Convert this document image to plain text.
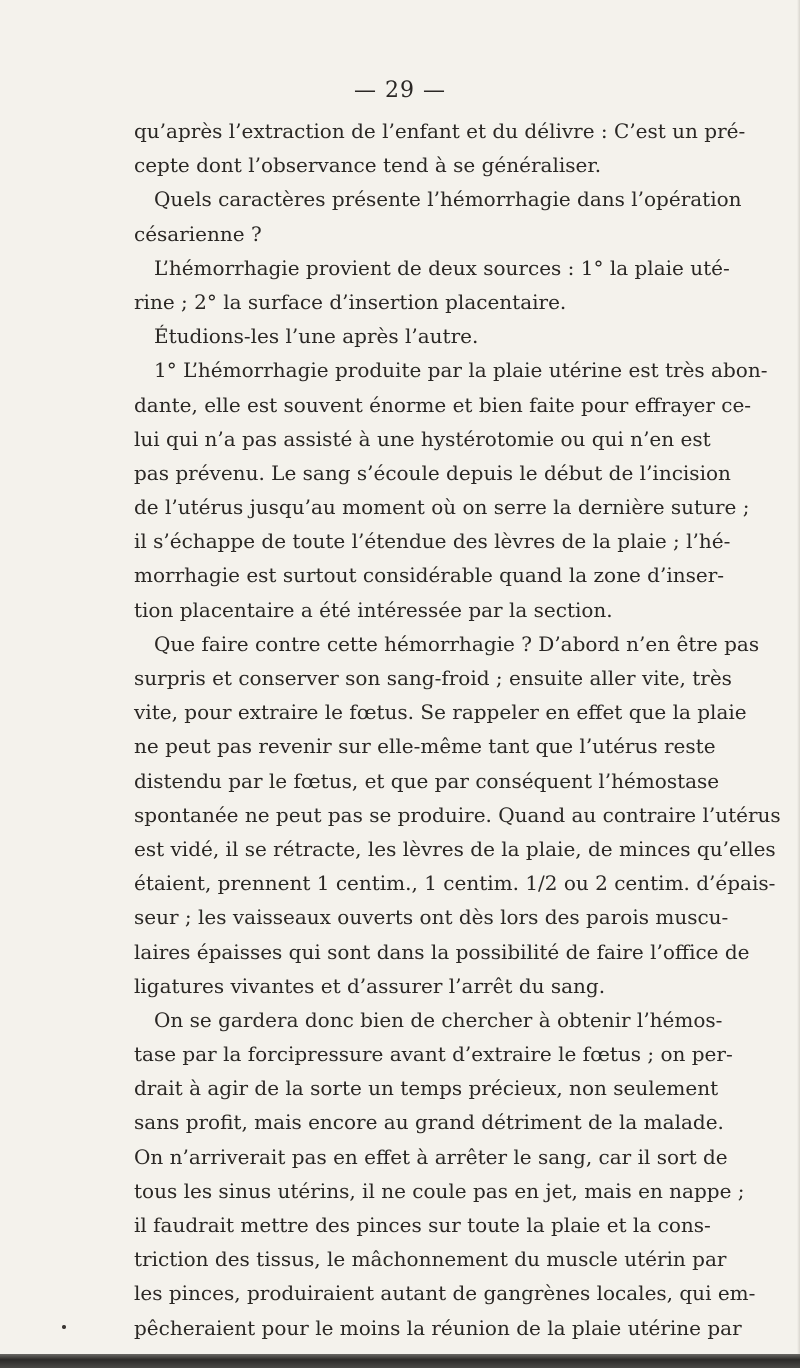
— 29 —
qu’après l’extraction de l’enfant et du délivre : C’est un pré-
cepte dont l’observance tend à se généraliser.
Quels caractères présente l’hémorrhagie dans l’opération
césarienne ?
L’hémorrhagie provient de deux sources : 1° la plaie uté-
rine ; 2° la surface d’insertion placentaire.
Étudions-les l’une après l’autre.
1° L’hémorrhagie produite par la plaie utérine est très abon-
dante, elle est souvent énorme et bien faite pour effrayer ce-
lui qui n’a pas assisté à une hystérotomie ou qui n’en est
pas prévenu. Le sang s’écoule depuis le début de l’incision
de l’utérus jusqu’au moment où on serre la dernière suture ;
il s’échappe de toute l’étendue des lèvres de la plaie ; l’hé-
morrhagie est surtout considérable quand la zone d’inser-
tion placentaire a été intéressée par la section.
Que faire contre cette hémorrhagie ? D’abord n’en être pas
surpris et conserver son sang-froid ; ensuite aller vite, très
vite, pour extraire le fœtus. Se rappeler en effet que la plaie
ne peut pas revenir sur elle-même tant que l’utérus reste
distendu par le fœtus, et que par conséquent l’hémostase
spontanée ne peut pas se produire. Quand au contraire l’utérus
est vidé, il se rétracte, les lèvres de la plaie, de minces qu’elles
étaient, prennent 1 centim., 1 centim. 1/2 ou 2 centim. d’épais-
seur ; les vaisseaux ouverts ont dès lors des parois muscu-
laires épaisses qui sont dans la possibilité de faire l’office de
ligatures vivantes et d’assurer l’arrêt du sang.
On se gardera donc bien de chercher à obtenir l’hémos-
tase par la forcipressure avant d’extraire le fœtus ; on per-
drait à agir de la sorte un temps précieux, non seulement
sans profit, mais encore au grand détriment de la malade.
On n’arriverait pas en effet à arrêter le sang, car il sort de
tous les sinus utérins, il ne coule pas en jet, mais en nappe ;
il faudrait mettre des pinces sur toute la plaie et la cons-
triction des tissus, le mâchonnement du muscle utérin par
les pinces, produiraient autant de gangrènes locales, qui em-
pêcheraient pour le moins la réunion de la plaie utérine par
